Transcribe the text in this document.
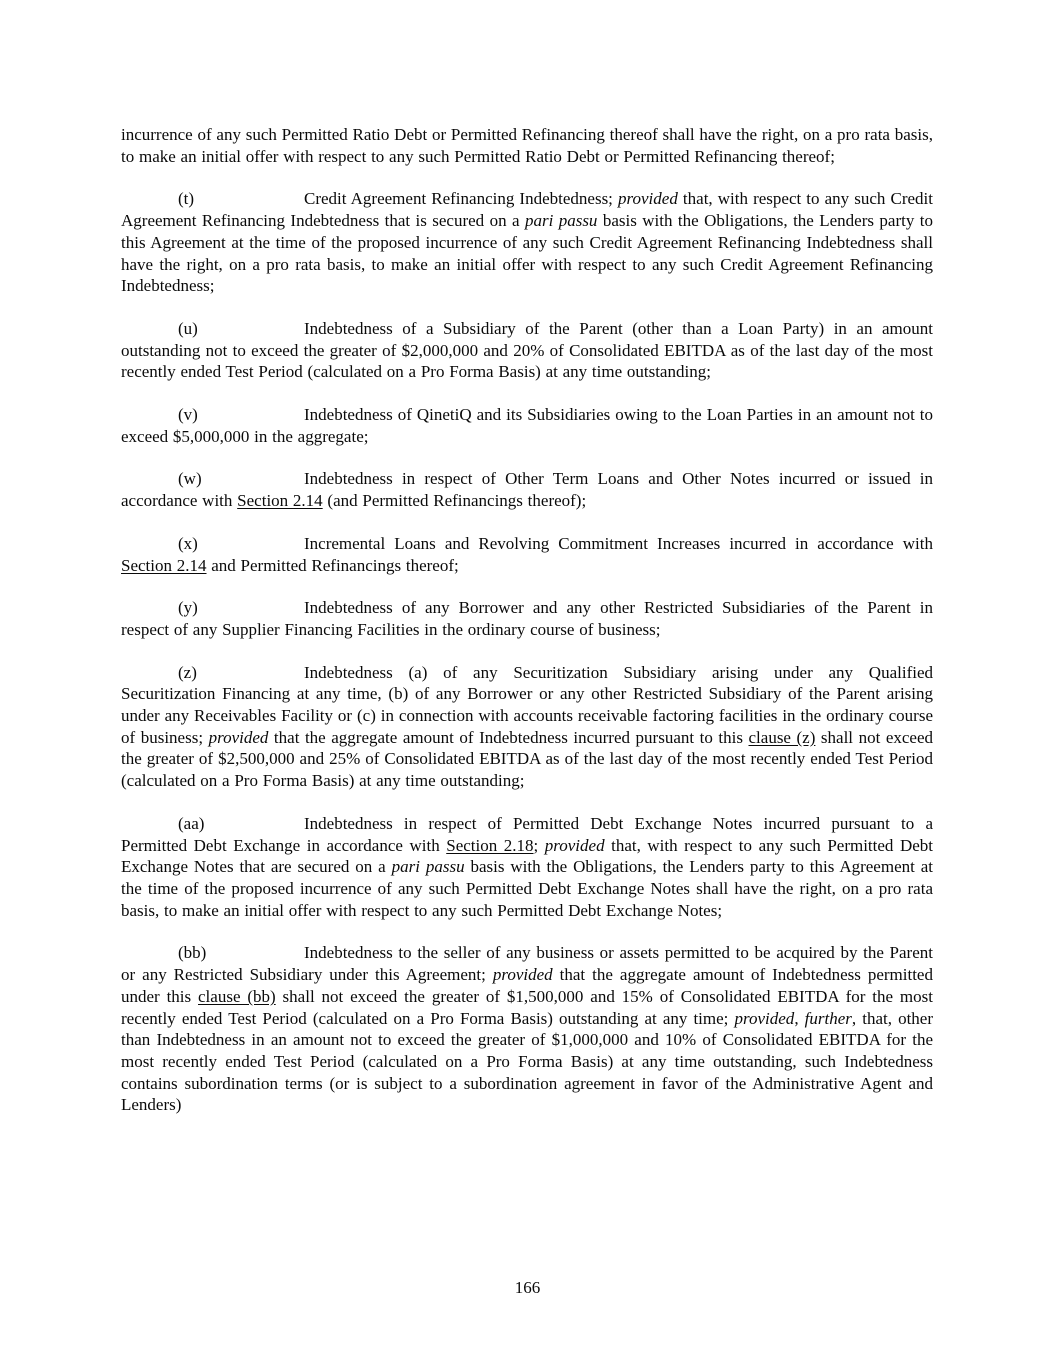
incurrence of any such Permitted Ratio Debt or Permitted Refinancing thereof shall have the right, on a pro rata basis, to make an initial offer with respect to any such Permitted Ratio Debt or Permitted Refinancing thereof;
(t)	Credit Agreement Refinancing Indebtedness; provided that, with respect to any such Credit Agreement Refinancing Indebtedness that is secured on a pari passu basis with the Obligations, the Lenders party to this Agreement at the time of the proposed incurrence of any such Credit Agreement Refinancing Indebtedness shall have the right, on a pro rata basis, to make an initial offer with respect to any such Credit Agreement Refinancing Indebtedness;
(u)	Indebtedness of a Subsidiary of the Parent (other than a Loan Party) in an amount outstanding not to exceed the greater of $2,000,000 and 20% of Consolidated EBITDA as of the last day of the most recently ended Test Period (calculated on a Pro Forma Basis) at any time outstanding;
(v)	Indebtedness of QinetiQ and its Subsidiaries owing to the Loan Parties in an amount not to exceed $5,000,000 in the aggregate;
(w)	Indebtedness in respect of Other Term Loans and Other Notes incurred or issued in accordance with Section 2.14 (and Permitted Refinancings thereof);
(x)	Incremental Loans and Revolving Commitment Increases incurred in accordance with Section 2.14 and Permitted Refinancings thereof;
(y)	Indebtedness of any Borrower and any other Restricted Subsidiaries of the Parent in respect of any Supplier Financing Facilities in the ordinary course of business;
(z)	Indebtedness (a) of any Securitization Subsidiary arising under any Qualified Securitization Financing at any time, (b) of any Borrower or any other Restricted Subsidiary of the Parent arising under any Receivables Facility or (c) in connection with accounts receivable factoring facilities in the ordinary course of business; provided that the aggregate amount of Indebtedness incurred pursuant to this clause (z) shall not exceed the greater of $2,500,000 and 25% of Consolidated EBITDA as of the last day of the most recently ended Test Period (calculated on a Pro Forma Basis) at any time outstanding;
(aa)	Indebtedness in respect of Permitted Debt Exchange Notes incurred pursuant to a Permitted Debt Exchange in accordance with Section 2.18; provided that, with respect to any such Permitted Debt Exchange Notes that are secured on a pari passu basis with the Obligations, the Lenders party to this Agreement at the time of the proposed incurrence of any such Permitted Debt Exchange Notes shall have the right, on a pro rata basis, to make an initial offer with respect to any such Permitted Debt Exchange Notes;
(bb)	Indebtedness to the seller of any business or assets permitted to be acquired by the Parent or any Restricted Subsidiary under this Agreement; provided that the aggregate amount of Indebtedness permitted under this clause (bb) shall not exceed the greater of $1,500,000 and 15% of Consolidated EBITDA for the most recently ended Test Period (calculated on a Pro Forma Basis) outstanding at any time; provided, further, that, other than Indebtedness in an amount not to exceed the greater of $1,000,000 and 10% of Consolidated EBITDA for the most recently ended Test Period (calculated on a Pro Forma Basis) at any time outstanding, such Indebtedness contains subordination terms (or is subject to a subordination agreement in favor of the Administrative Agent and Lenders)
166
